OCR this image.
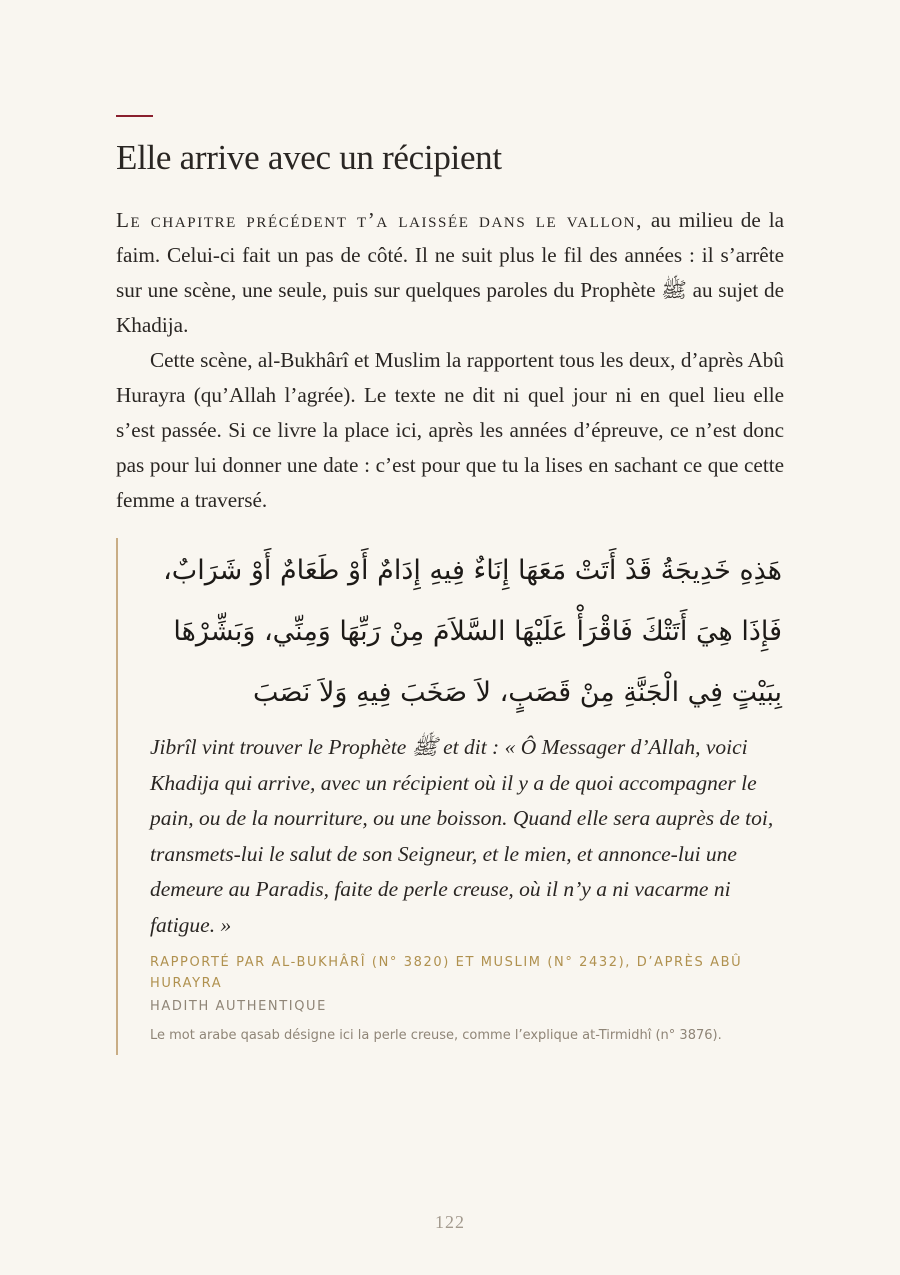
Elle arrive avec un récipient

Le chapitre précédent t’a laissée dans le vallon, au milieu de la faim. Celui-ci fait un pas de côté. Il ne suit plus le fil des années : il s’arrête sur une scène, une seule, puis sur quelques paroles du Prophète ﷺ au sujet de Khadija.

Cette scène, al-Bukhârî et Muslim la rapportent tous les deux, d’après Abû Hurayra (qu’Allah l’agrée). Le texte ne dit ni quel jour ni en quel lieu elle s’est passée. Si ce livre la place ici, après les années d’épreuve, ce n’est donc pas pour lui donner une date : c’est pour que tu la lises en sachant ce que cette femme a traversé.

هَذِهِ خَدِيجَةُ قَدْ أَتَتْ مَعَهَا إِنَاءٌ فِيهِ إِدَامٌ أَوْ طَعَامٌ أَوْ شَرَابٌ، فَإِذَا هِيَ أَتَتْكَ فَاقْرَأْ عَلَيْهَا السَّلاَمَ مِنْ رَبِّهَا وَمِنِّي، وَبَشِّرْهَا بِبَيْتٍ فِي الْجَنَّةِ مِنْ قَصَبٍ، لاَ صَخَبَ فِيهِ وَلاَ نَصَبَ
Jibrîl vint trouver le Prophète ﷺ et dit : « Ô Messager d’Allah, voici Khadija qui arrive, avec un récipient où il y a de quoi accompagner le pain, ou de la nourriture, ou une boisson. Quand elle sera auprès de toi, transmets-lui le salut de son Seigneur, et le mien, et annonce-lui une demeure au Paradis, faite de perle creuse, où il n’y a ni vacarme ni fatigue. »
RAPPORTÉ PAR AL-BUKHÂRÎ (N° 3820) ET MUSLIM (N° 2432), D’APRÈS ABÛ HURAYRA
HADITH AUTHENTIQUE
Le mot arabe qasab désigne ici la perle creuse, comme l’explique at-Tirmidhî (n° 3876).
122
